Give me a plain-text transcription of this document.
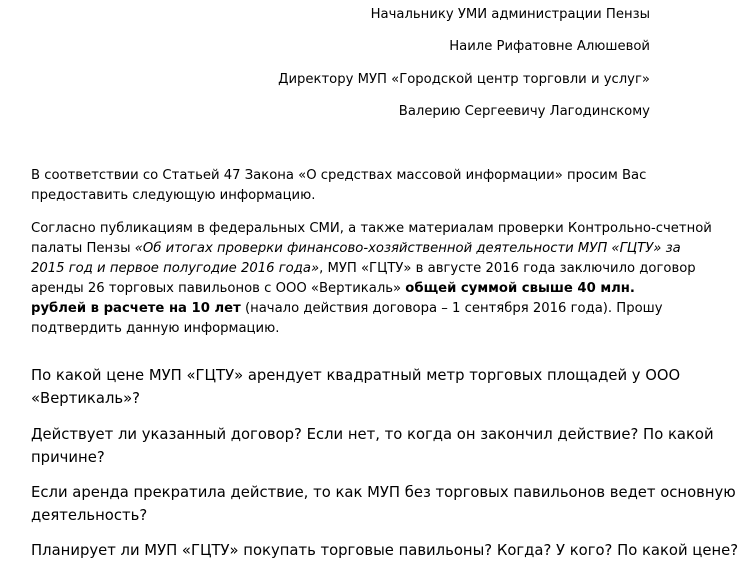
Начальнику УМИ администрации Пензы
Наиле Рифатовне Алюшевой
Директору МУП «Городской центр торговли и услуг»
Валерию Сергеевичу Лагодинскому

В соответствии со Статьей 47 Закона «О средствах массовой информации» просим Вас
предоставить следующую информацию.

Согласно публикациям в федеральных СМИ, а также материалам проверки Контрольно-счетной
палаты Пензы «Об итогах проверки финансово-хозяйственной деятельности МУП «ГЦТУ» за
2015 год и первое полугодие 2016 года», МУП «ГЦТУ» в августе 2016 года заключило договор
аренды 26 торговых павильонов с ООО «Вертикаль» общей суммой свыше 40 млн.
рублей в расчете на 10 лет (начало действия договора – 1 сентября 2016 года). Прошу
подтвердить данную информацию.

По какой цене МУП «ГЦТУ» арендует квадратный метр торговых площадей у ООО
«Вертикаль»?

Действует ли указанный договор? Если нет, то когда он закончил действие? По какой
причине?

Если аренда прекратила действие, то как МУП без торговых павильонов ведет основную
деятельность?

Планирует ли МУП «ГЦТУ» покупать торговые павильоны? Когда? У кого? По какой цене?
